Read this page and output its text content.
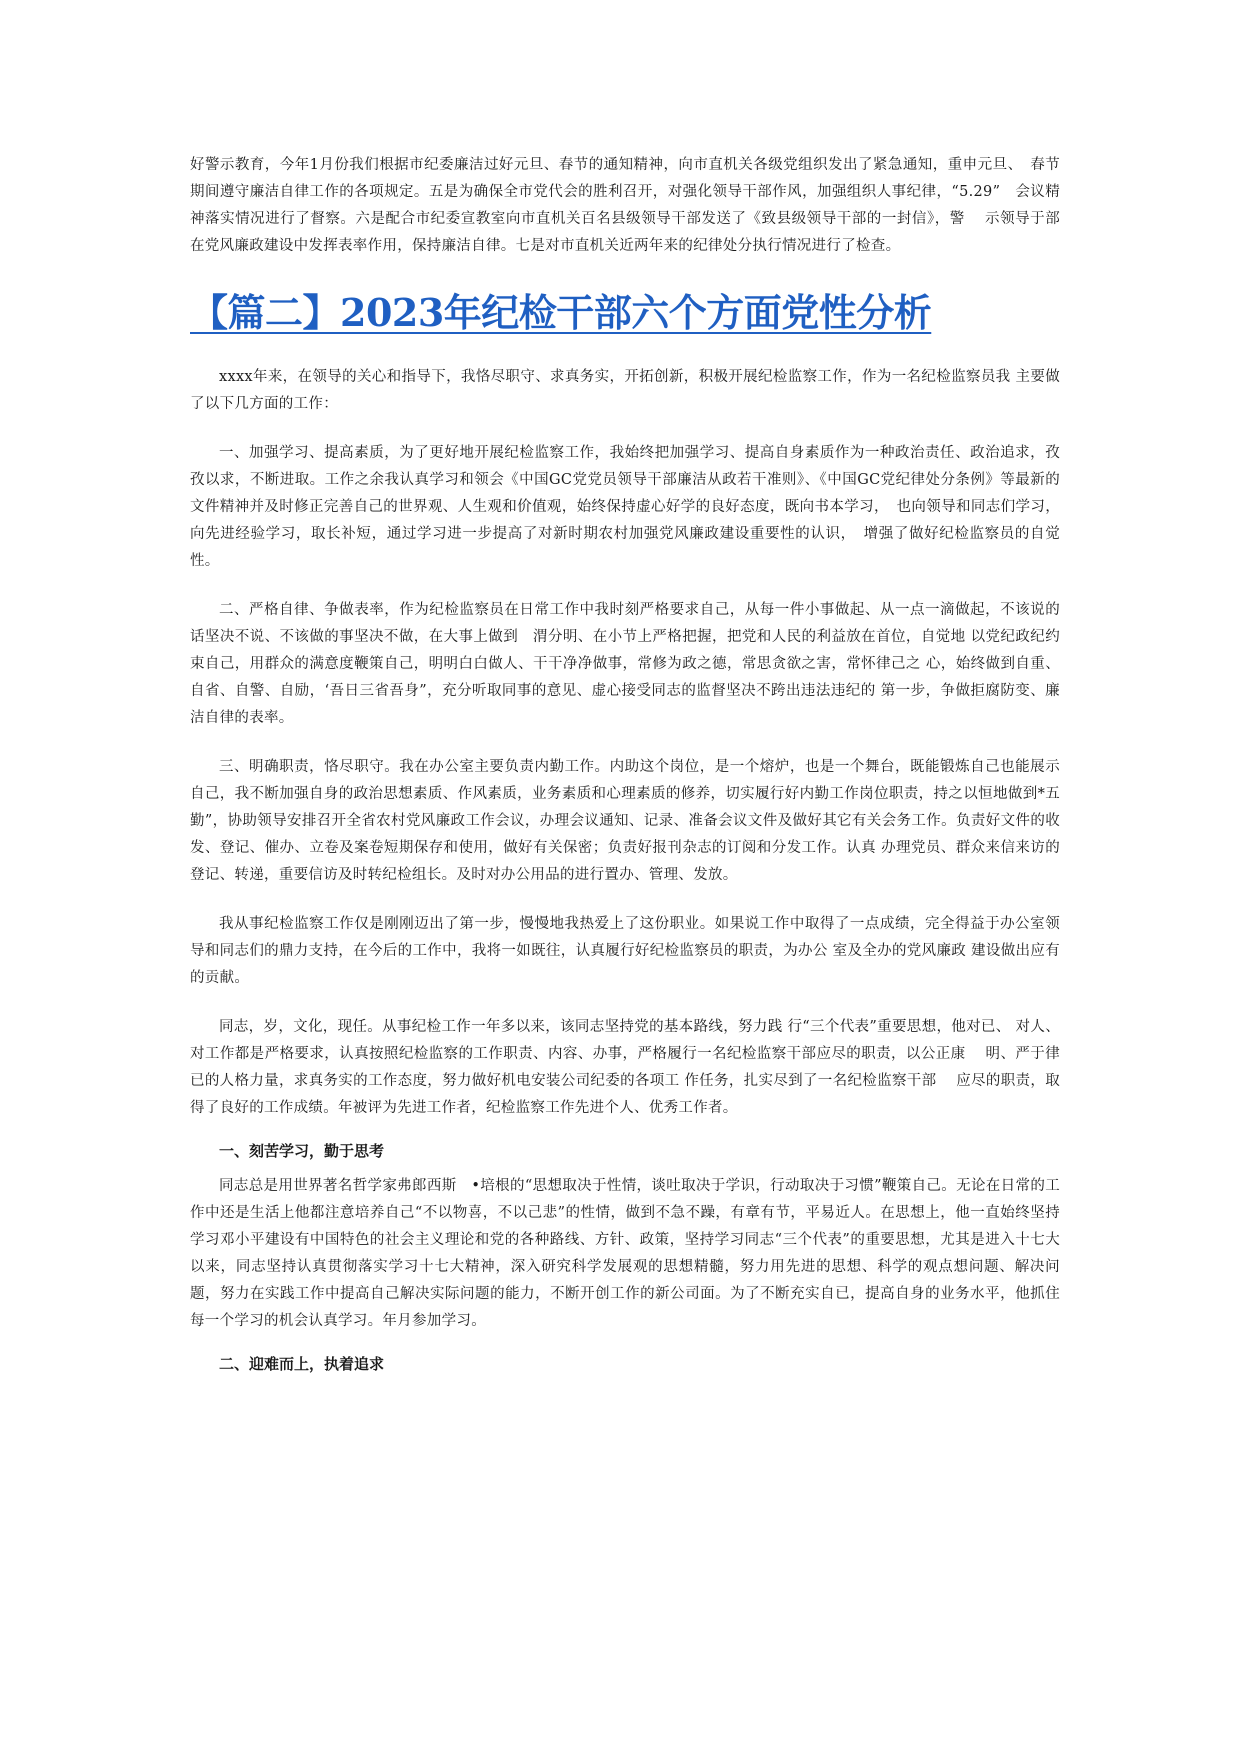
好警示教育，今年1月份我们根据市纪委廉洁过好元旦、春节的通知精神，向市直机关各级党组织发出了紧急通知，重申元旦、　春节期间遵守廉洁自律工作的各项规定。五是为确保全市党代会的胜利召开，对强化领导干部作风，加强组织人事纪律，“5.29”　会议精神落实情况进行了督察。六是配合市纪委宣教室向市直机关百名县级领导干部发送了《致县级领导干部的一封信》，警　 示领导于部在党风廉政建设中发挥表率作用，保持廉洁自律。七是对市直机关近两年来的纪律处分执行情况进行了检查。

【篇二】2023年纪检干部六个方面党性分析

xxxx年来，在领导的关心和指导下，我恪尽职守、求真务实，开拓创新，积极开展纪检监察工作，作为一名纪检监察员我 主要做了以下几方面的工作：

一、加强学习、提高素质，为了更好地开展纪检监察工作，我始终把加强学习、提高自身素质作为一种政治责任、政治追求，孜孜以求，不断进取。工作之余我认真学习和领会《中国GC党党员领导干部廉洁从政若干准则》、《中国GC党纪律处分条例》等最新的文件精神并及时修正完善自己的世界观、人生观和价值观，始终保持虚心好学的良好态度，既向书本学习，　也向领导和同志们学习，向先进经验学习，取长补短，通过学习进一步提高了对新时期农村加强党风廉政建设重要性的认识，　增强了做好纪检监察员的自觉性。

二、严格自律、争做表率，作为纪检监察员在日常工作中我时刻严格要求自己，从每一件小事做起、从一点一滴做起，不该说的话坚决不说、不该做的事坚决不做，在大事上做到　渭分明、在小节上严格把握，把党和人民的利益放在首位，自觉地 以党纪政纪约束自己，用群众的满意度鞭策自己，明明白白做人、干干净净做事，常修为政之德，常思贪欲之害，常怀律己之 心，始终做到自重、自省、自警、自励，‘吾日三省吾身”，充分听取同事的意见、虚心接受同志的监督坚决不跨出违法违纪的 第一步，争做拒腐防变、廉洁自律的表率。

三、明确职责，恪尽职守。我在办公室主要负责内勤工作。内助这个岗位，是一个熔炉，也是一个舞台，既能锻炼自己也能展示自己，我不断加强自身的政治思想素质、作风素质，业务素质和心理素质的修养，切实履行好内勤工作岗位职责，持之以恒地做到*五勤”，协助领导安排召开全省农村党风廉政工作会议，办理会议通知、记录、准备会议文件及做好其它有关会务工作。负责好文件的收发、登记、催办、立卷及案卷短期保存和使用，做好有关保密；负责好报刊杂志的订阅和分发工作。认真 办理党员、群众来信来访的登记、转递，重要信访及时转纪检组长。及时对办公用品的进行置办、管理、发放。

我从事纪检监察工作仅是刚刚迈出了第一步，慢慢地我热爱上了这份职业。如果说工作中取得了一点成绩，完全得益于办公室领导和同志们的鼎力支持，在今后的工作中，我将一如既往，认真履行好纪检监察员的职责，为办公 室及全办的党风廉政 建设做出应有的贡献。

同志，岁，文化，现任。从事纪检工作一年多以来，该同志坚持党的基本路线，努力践 行“三个代表”重要思想，他对已、 对人、对工作都是严格要求，认真按照纪检监察的工作职责、内容、办事，严格履行一名纪检监察干部应尽的职责，以公正康　 明、严于律已的人格力量，求真务实的工作态度，努力做好机电安装公司纪委的各项工 作任务，扎实尽到了一名纪检监察干部　 应尽的职责，取得了良好的工作成绩。年被评为先进工作者，纪检监察工作先进个人、优秀工作者。

一、刻苦学习，勤于思考

同志总是用世界著名哲学家弗郎西斯　•培根的“思想取决于性情，谈吐取决于学识，行动取决于习惯”鞭策自己。无论在日常的工作中还是生活上他都注意培养自己“不以物喜，不以己悲”的性情，做到不急不躁，有章有节，平易近人。在思想上，他一直始终坚持学习邓小平建设有中国特色的社会主义理论和党的各种路线、方针、政策，坚持学习同志“三个代表”的重要思想，尤其是进入十七大以来，同志坚持认真贯彻落实学习十七大精神，深入研究科学发展观的思想精髓，努力用先进的思想、科学的观点想问题、解决问题，努力在实践工作中提高自己解决实际问题的能力，不断开创工作的新公司面。为了不断充实自已，提高自身的业务水平，他抓住每一个学习的机会认真学习。年月参加学习。

二、迎难而上，执着追求
